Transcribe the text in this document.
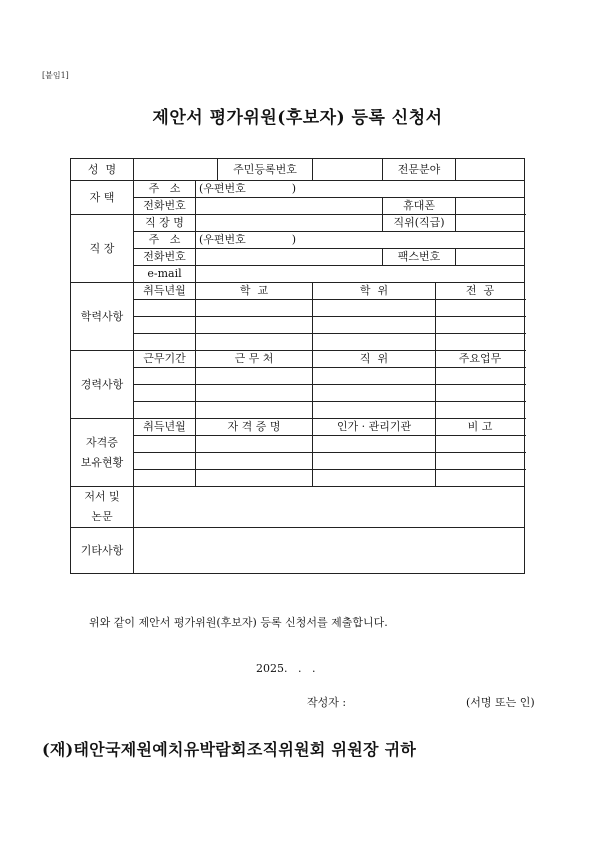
[붙임1]
제안서 평가위원(후보자) 등록 신청서
성  명			주민등록번호		전문분야		
자 택	주   소	(우편번호 )					
	전화번호				휴대폰		
직 장	직 장 명				직위(직급)		
	주   소	(우편번호 )					
	전화번호				팩스번호		
	e-mail						
학력사항	취득년월	학  교		학  위		전  공	

경력사항	근무기간	근 무 처		직  위		주요업무	

자격증
보유현황	취득년월	자 격 증 명		인가 · 관리기관		비 고	

저서 및
논문							

기타사항							
위와 같이 제안서 평가위원(후보자) 등록 신청서를 제출합니다.
2025.   .   .
작성자 :	(서명 또는 인)
(재)태안국제원예치유박람회조직위원회 위원장 귀하
